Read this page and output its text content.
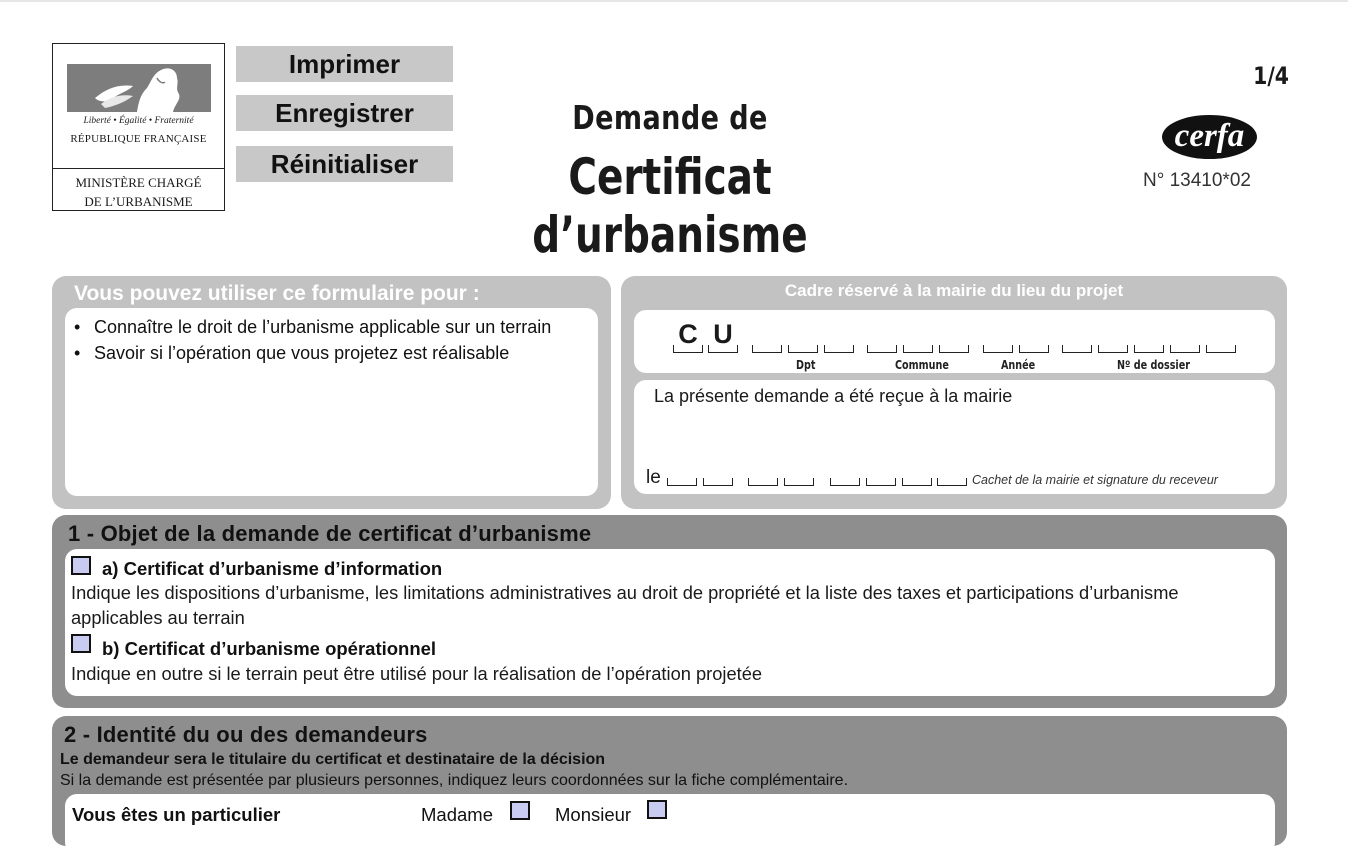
Liberté • Égalité • Fraternité
RÉPUBLIQUE FRANÇAISE
MINISTÈRE CHARGÉ
DE L’URBANISME
Imprimer
Enregistrer
Réinitialiser
Demande de
Certificat d’urbanisme
1/4
cerfa
N° 13410*02
Vous pouvez utiliser ce formulaire pour :
• Connaître le droit de l’urbanisme applicable sur un terrain
• Savoir si l’opération que vous projetez est réalisable
Cadre réservé à la mairie du lieu du projet
C U
Dpt	Commune	Année	Nº de dossier
La présente demande a été reçue à la mairie
le	Cachet de la mairie et signature du receveur
1 - Objet de la demande de certificat d’urbanisme
a) Certificat d’urbanisme d’information
Indique les dispositions d’urbanisme, les limitations administratives au droit de propriété et la liste des taxes et participations d’urbanisme applicables au terrain
b) Certificat d’urbanisme opérationnel
Indique en outre si le terrain peut être utilisé pour la réalisation de l’opération projetée
2 - Identité du ou des demandeurs
Le demandeur sera le titulaire du certificat et destinataire de la décision
Si la demande est présentée par plusieurs personnes, indiquez leurs coordonnées sur la fiche complémentaire.
Vous êtes un particulier	Madame	Monsieur
